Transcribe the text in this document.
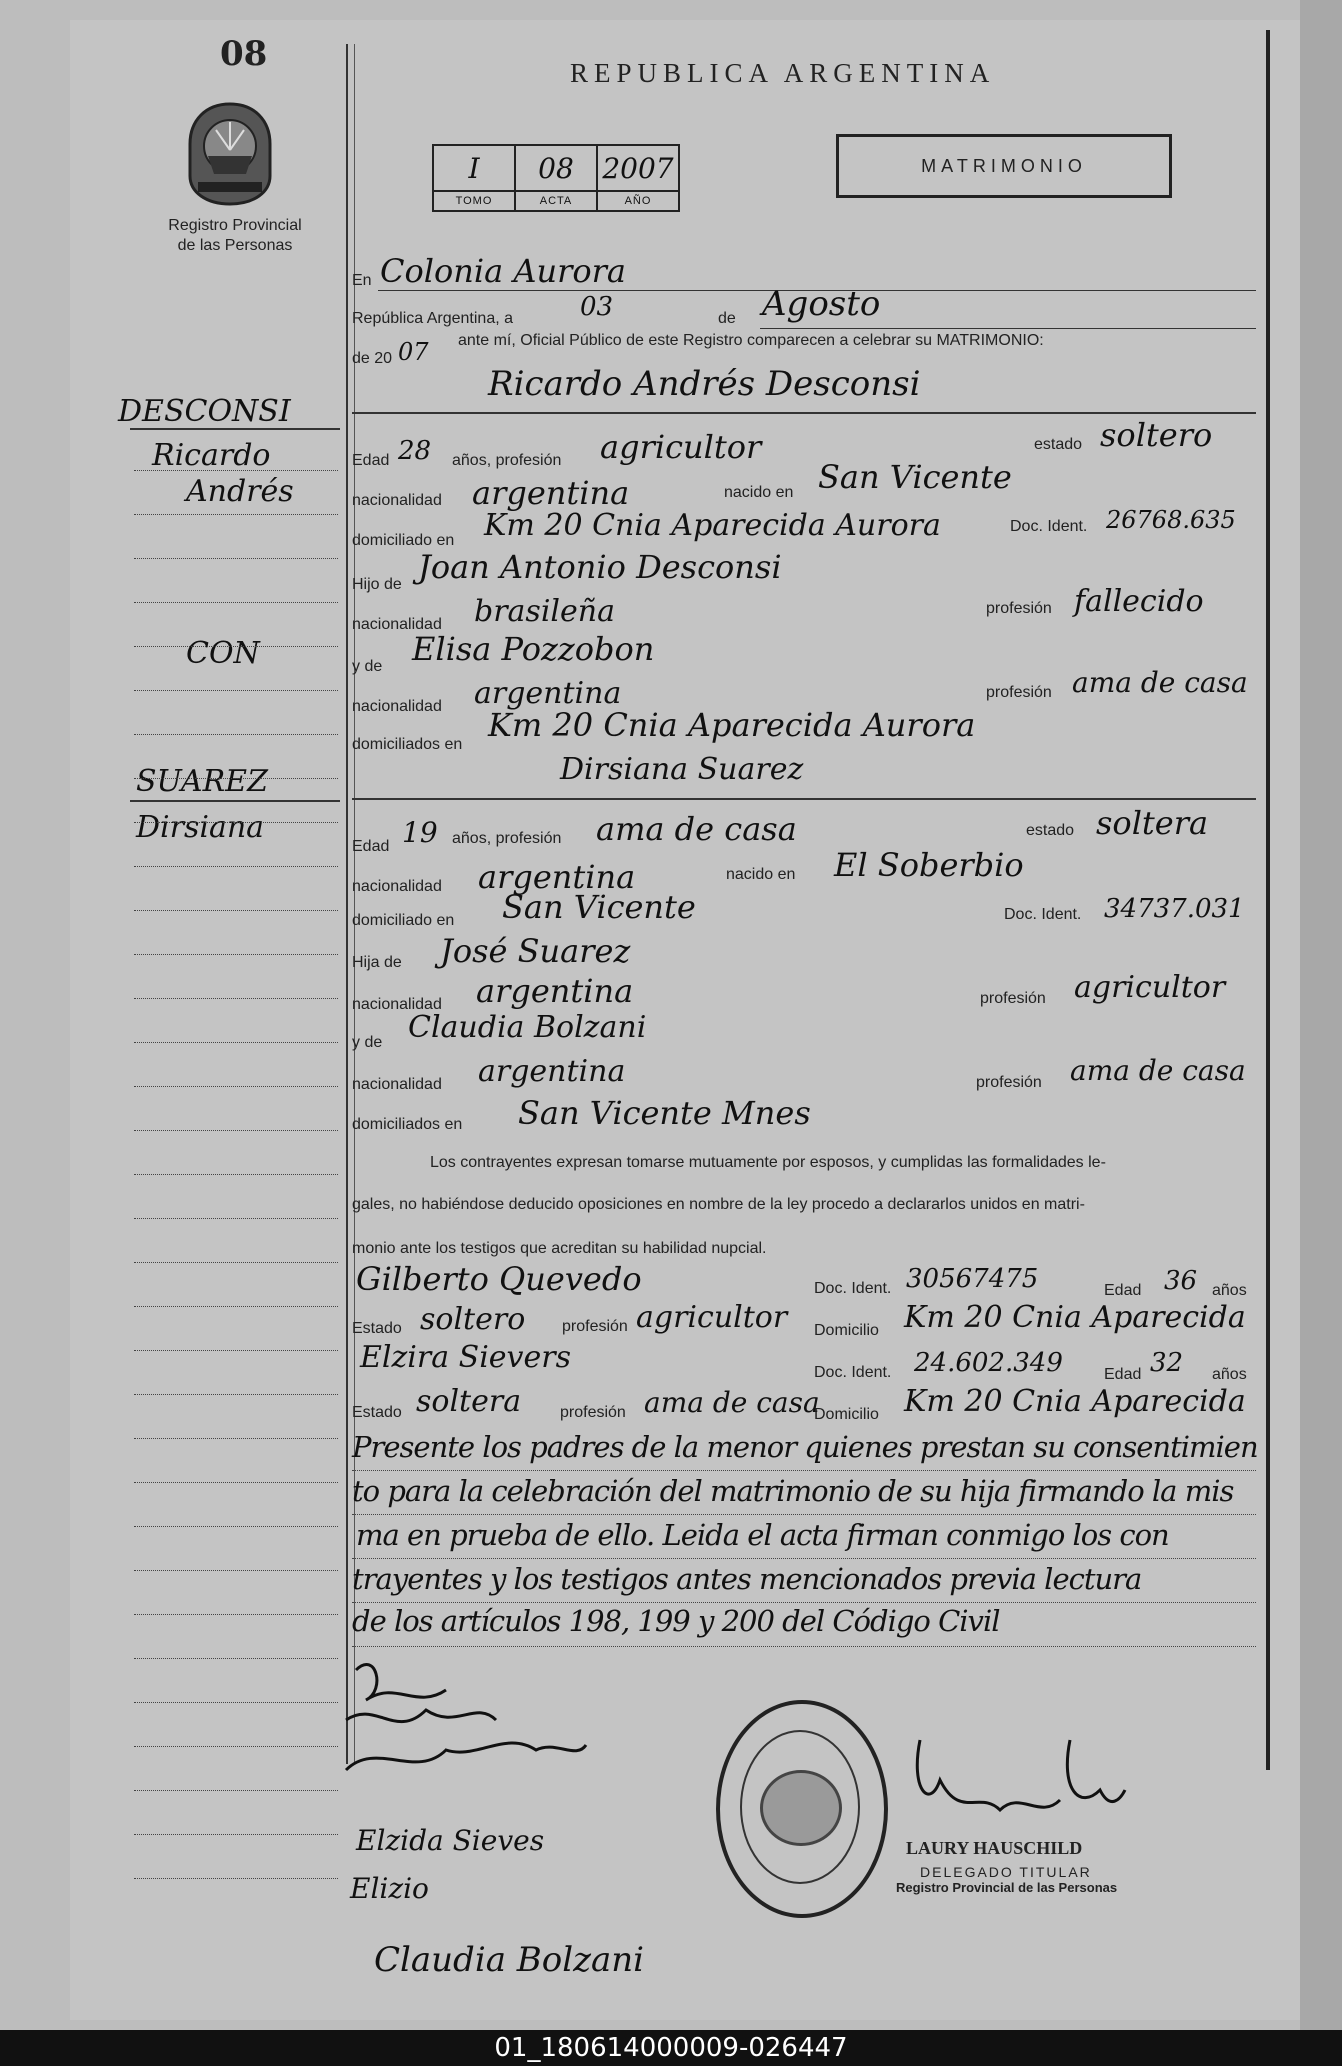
08	REPUBLICA ARGENTINA
Registro Provincial
de las Personas
I	08	2007
TOMO	ACTA	AÑO
MATRIMONIO
DESCONSI
Ricardo
Andrés
CON
SUAREZ
Dirsiana
En Colonia Aurora
República Argentina, a	03	de Agosto
de 20 07 ante mí, Oficial Público de este Registro comparecen a celebrar su MATRIMONIO:
Ricardo Andrés Desconsi
Edad 28 años, profesión agricultor	estado soltero
nacionalidad argentina	nacido en San Vicente
domiciliado en Km 20 Cnia Aparecida Aurora	Doc. Ident. 26768.635
Hijo de Joan Antonio Desconsi
nacionalidad brasileña	profesión fallecido
y de Elisa Pozzobon
nacionalidad argentina	profesión ama de casa
domiciliados en
Km 20 Cnia Aparecida Aurora
Dirsiana Suarez
Edad 19 años, profesión ama de casa	estado soltera
nacionalidad argentina	nacido en El Soberbio
domiciliado en San Vicente	Doc. Ident. 34737.031
Hija de José Suarez
nacionalidad argentina	profesión agricultor
y de Claudia Bolzani
nacionalidad argentina	profesión ama de casa
domiciliados en San Vicente Mnes
Los contrayentes expresan tomarse mutuamente por esposos, y cumplidas las formalidades le-
gales, no habiéndose deducido oposiciones en nombre de la ley procedo a declararlos unidos en matri-
monio ante los testigos que acreditan su habilidad nupcial.
Gilberto Quevedo	Doc. Ident. 30567475	Edad 36 años
Estado soltero profesión agricultor Domicilio Km 20 Cnia Aparecida
Elzira Sievers	Doc. Ident. 24.602.349	Edad 32 años
Estado soltera profesión ama de casa
Domicilio Km 20 Cnia Aparecida
Presente los padres de la menor quienes prestan su consentimien
to para la celebración del matrimonio de su hija firmando la mis
ma en prueba de ello. Leida el acta firman conmigo los con
trayentes y los testigos antes mencionados previa lectura
de los artículos 198, 199 y 200 del Código Civil
Elzida Sieves
Elizio
Claudia Bolzani
LAURY HAUSCHILD
DELEGADO TITULAR
Registro Provincial de las Personas
01_180614000009-026447
